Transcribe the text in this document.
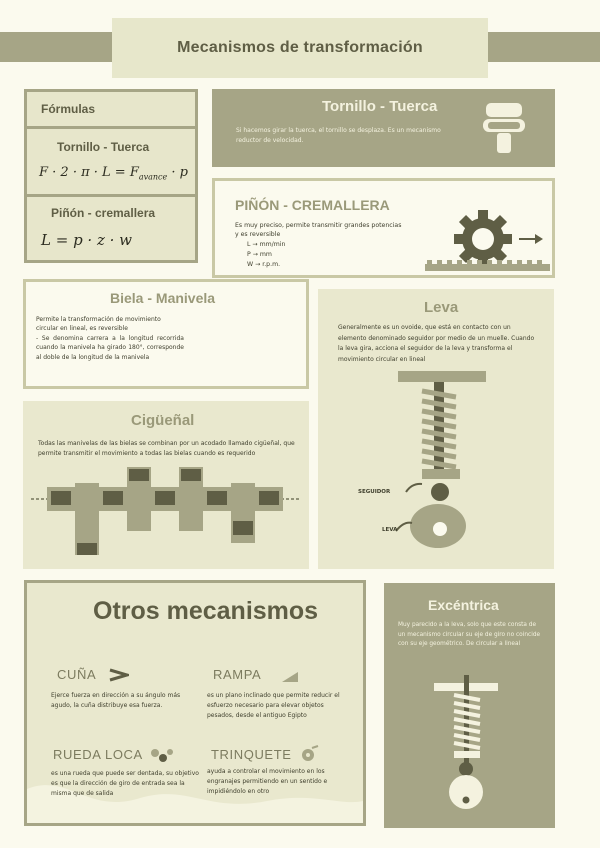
Mecanismos de transformación
Fórmulas
Tornillo - Tuerca
$F \cdot 2 \cdot \pi \cdot L = F_{avance} \cdot p$
Piñón - cremallera
L = p · z · w
Tornillo - Tuerca
Si hacemos girar la tuerca, el tornillo se desplaza. Es un mecanismo reductor de velocidad.
PIÑÓN - CREMALLERA
Es muy preciso, permite transmitir grandes potencias y es reversible
L → mm/min
P → mm
W → r.p.m.
Biela - Manivela
Permite la transformación de movimiento circular en lineal, es reversible
- Se denomina carrera a la longitud recorrida cuando la manivela ha girado 180°, corresponde al doble de la longitud de la manivela
Leva
Generalmente es un ovoide, que está en contacto con un elemento denominado seguidor por medio de un muelle. Cuando la leva gira, acciona el seguidor de la leva y transforma el movimiento circular en lineal
SEGUIDOR
LEVA
Cigüeñal
Todas las manivelas de las bielas se combinan por un acodado llamado cigüeñal, que permite transmitir el movimiento a todas las bielas cuando es requerido
Otros mecanismos
CUÑA
Ejerce fuerza en dirección a su ángulo más agudo, la cuña distribuye esa fuerza.
RAMPA
es un plano inclinado que permite reducir el esfuerzo necesario para elevar objetos pesados, desde el antiguo Egipto
RUEDA LOCA
es una rueda que puede ser dentada, su objetivo es que la dirección de giro de entrada sea la misma que de salida
TRINQUETE
ayuda a controlar el movimiento en los engranajes permitiendo en un sentido e impidiéndolo en otro
Excéntrica
Muy parecido a la leva, solo que este consta de un mecanismo circular su eje de giro no coincide con su eje geométrico. De circular a lineal
